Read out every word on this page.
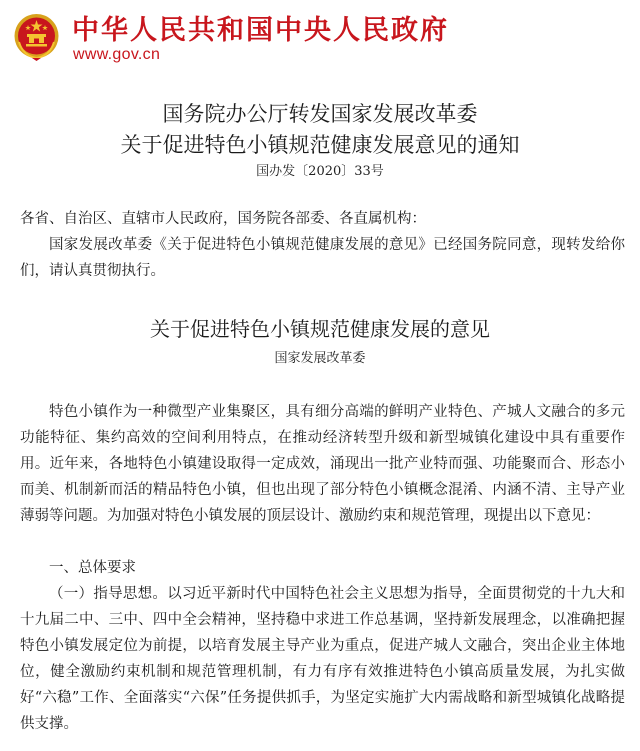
中华人民共和国中央人民政府
www.gov.cn
国务院办公厅转发国家发展改革委
关于促进特色小镇规范健康发展意见的通知
国办发〔2020〕33号

各省、自治区、直辖市人民政府，国务院各部委、各直属机构：

国家发展改革委《关于促进特色小镇规范健康发展的意见》已经国务院同意，现转发给你们，请认真贯彻执行。

关于促进特色小镇规范健康发展的意见
国家发展改革委

特色小镇作为一种微型产业集聚区，具有细分高端的鲜明产业特色、产城人文融合的多元功能特征、集约高效的空间利用特点，在推动经济转型升级和新型城镇化建设中具有重要作用。近年来，各地特色小镇建设取得一定成效，涌现出一批产业特而强、功能聚而合、形态小而美、机制新而活的精品特色小镇，但也出现了部分特色小镇概念混淆、内涵不清、主导产业薄弱等问题。为加强对特色小镇发展的顶层设计、激励约束和规范管理，现提出以下意见：

一、总体要求

（一）指导思想。以习近平新时代中国特色社会主义思想为指导，全面贯彻党的十九大和十九届二中、三中、四中全会精神，坚持稳中求进工作总基调，坚持新发展理念，以准确把握特色小镇发展定位为前提，以培育发展主导产业为重点，促进产城人文融合，突出企业主体地位，健全激励约束机制和规范管理机制，有力有序有效推进特色小镇高质量发展，为扎实做好“六稳”工作、全面落实“六保”任务提供抓手，为坚定实施扩大内需战略和新型城镇化战略提供支撑。
